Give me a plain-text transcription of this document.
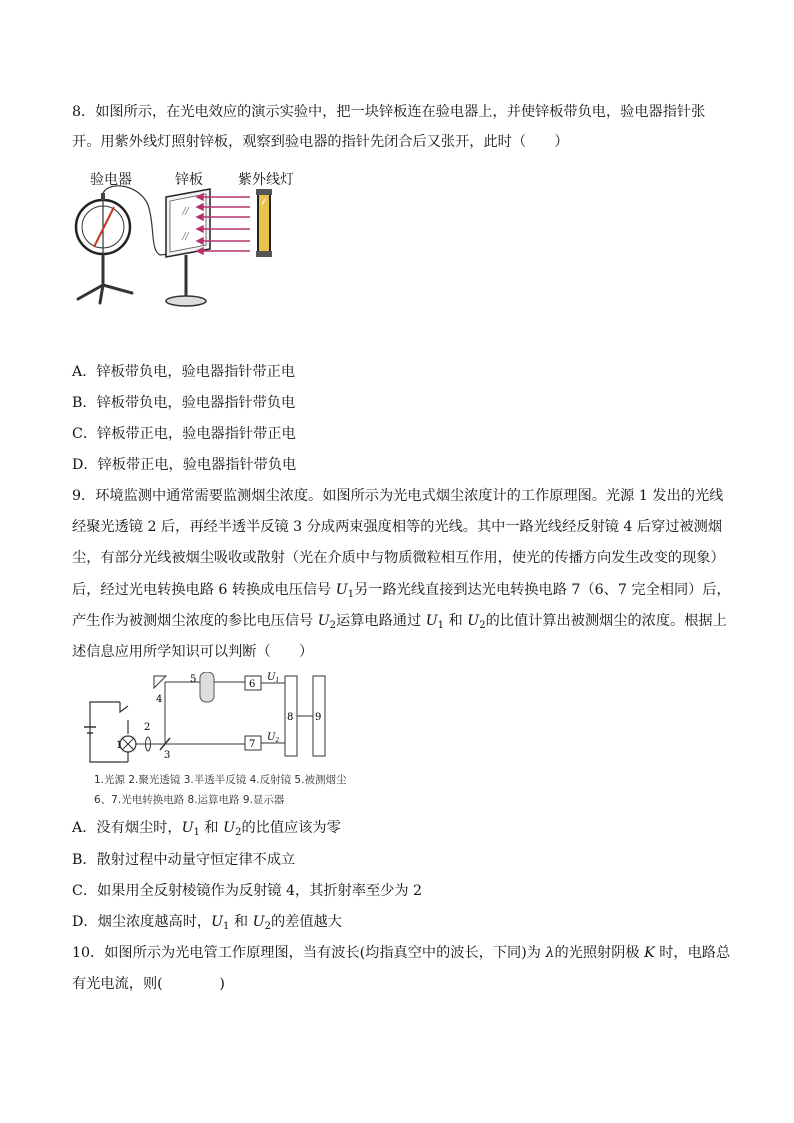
8．如图所示，在光电效应的演示实验中，把一块锌板连在验电器上，并使锌板带负电，验电器指针张
开。用紫外线灯照射锌板，观察到验电器的指针先闭合后又张开，此时（　　）
验电器	锌板	紫外线灯
A．锌板带负电，验电器指针带正电
B．锌板带负电，验电器指针带负电
C．锌板带正电，验电器指针带正电
D．锌板带正电，验电器指针带负电
9．环境监测中通常需要监测烟尘浓度。如图所示为光电式烟尘浓度计的工作原理图。光源 1 发出的光线
经聚光透镜 2 后，再经半透半反镜 3 分成两束强度相等的光线。其中一路光线经反射镜 4 后穿过被测烟
尘，有部分光线被烟尘吸收或散射（光在介质中与物质微粒相互作用，使光的传播方向发生改变的现象）
后，经过光电转换电路 6 转换成电压信号 $U_1$另一路光线直接到达光电转换电路 7（6、7 完全相同）后，
产生作为被测烟尘浓度的参比电压信号 $U_2$运算电路通过 $U_1$ 和 $U_2$的比值计算出被测烟尘的浓度。根据上
述信息应用所学知识可以判断（　　）
1
2
3
4
5	6
$U_1$
7
$U_2$
8 9
1.光源 2.聚光透镜 3.半透半反镜 4.反射镜 5.被测烟尘
6、7.光电转换电路 8.运算电路 9.显示器
A．没有烟尘时，$U_1$ 和 $U_2$的比值应该为零
B．散射过程中动量守恒定律不成立
C．如果用全反射棱镜作为反射镜 4，其折射率至少为 2
D．烟尘浓度越高时，$U_1$ 和 $U_2$的差值越大
10．如图所示为光电管工作原理图，当有波长(均指真空中的波长，下同)为 λ的光照射阴极 K 时，电路总
有光电流，则(　　　　)
